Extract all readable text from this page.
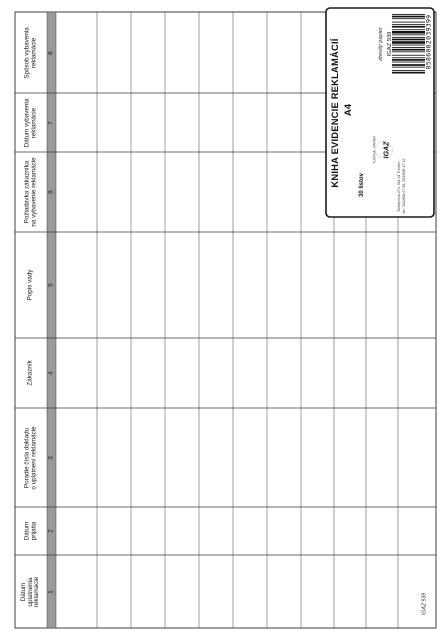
Dátum
uplatnenia
reklamácie 1
Dátum
prijatia 2
Poradie čísla dokladu
o uplatnení reklamácie
3
Zákazník 4
Popis vady 5
Požiadavka zákazníka
na vybavenie reklamácie
6
Dátum vybavenia
reklamácie 7
Spôsob vybavenia
reklamácie 8
IGAZ 939
KNIHA EVIDENCIE REKLAMÁCIÍ A4
30 listov
drevitý papier IGAZ 939	8586002039399
Železničná 274, 911 01 Trenčín, tel.: 032/658 07 68, 032/658 17 12
TLAČIVÁ · PAPIER IGAZ
